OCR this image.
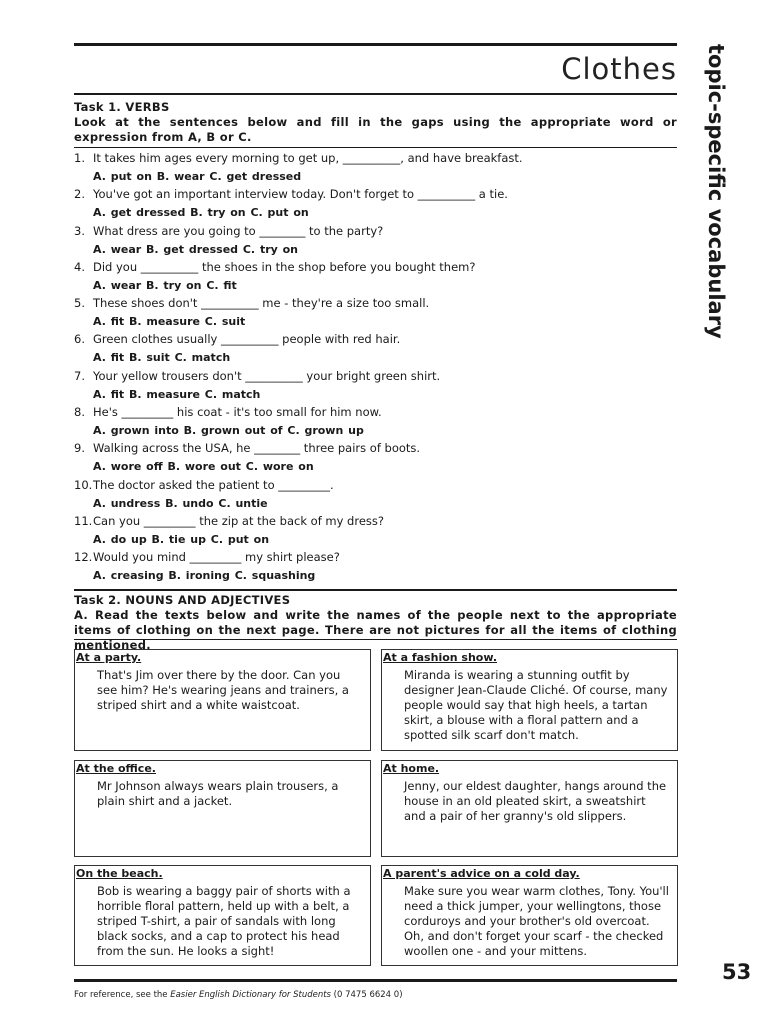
Clothes topic-specific vocabulary
Task 1. VERBS
Look at the sentences below and fill in the gaps using the appropriate word or expression from A, B or C.
1. It takes him ages every morning to get up, __________, and have breakfast.
A. put on B. wear C. get dressed
2. You've got an important interview today. Don't forget to __________ a tie.
A. get dressed B. try on C. put on
3. What dress are you going to ________ to the party?
A. wear B. get dressed C. try on
4. Did you __________ the shoes in the shop before you bought them?
A. wear B. try on C. fit
5. These shoes don't __________ me - they're a size too small.
A. fit B. measure C. suit
6. Green clothes usually __________ people with red hair.
A. fit B. suit C. match
7. Your yellow trousers don't __________ your bright green shirt.
A. fit B. measure C. match
8. He's _________ his coat - it's too small for him now.
A. grown into B. grown out of C. grown up
9. Walking across the USA, he ________ three pairs of boots.
A. wore off B. wore out C. wore on
10. The doctor asked the patient to _________.
A. undress B. undo C. untie
11. Can you _________ the zip at the back of my dress?
A. do up B. tie up C. put on
12. Would you mind _________ my shirt please?
A. creasing B. ironing C. squashing
Task 2. NOUNS AND ADJECTIVES
A. Read the texts below and write the names of the people next to the appropriate items of clothing on the next page. There are not pictures for all the items of clothing mentioned.
At a party.
That's Jim over there by the door. Can you see him? He's wearing jeans and trainers, a striped shirt and a white waistcoat.
At a fashion show.
Miranda is wearing a stunning outfit by designer Jean-Claude Cliché. Of course, many people would say that high heels, a tartan skirt, a blouse with a floral pattern and a spotted silk scarf don't match.
At the office.
Mr Johnson always wears plain trousers, a plain shirt and a jacket.
At home.
Jenny, our eldest daughter, hangs around the house in an old pleated skirt, a sweatshirt and a pair of her granny's old slippers.
On the beach.
Bob is wearing a baggy pair of shorts with a horrible floral pattern, held up with a belt, a striped T-shirt, a pair of sandals with long black socks, and a cap to protect his head from the sun. He looks a sight!
A parent's advice on a cold day.
Make sure you wear warm clothes, Tony. You'll need a thick jumper, your wellingtons, those corduroys and your brother's old overcoat. Oh, and don't forget your scarf - the checked woollen one - and your mittens.
For reference, see the Easier English Dictionary for Students (0 7475 6624 0)
53
